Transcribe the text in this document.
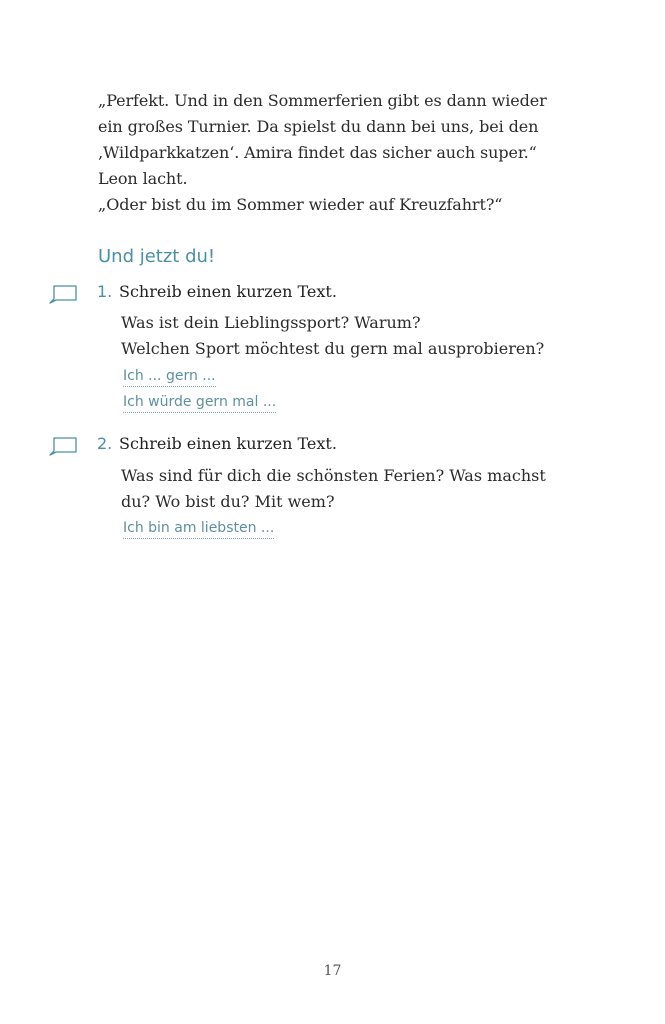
„Perfekt. Und in den Sommerferien gibt es dann wieder

ein großes Turnier. Da spielst du dann bei uns, bei den

‚Wildparkkatzen‘. Amira findet das sicher auch super.“

Leon lacht.

„Oder bist du im Sommer wieder auf Kreuzfahrt?“

Und jetzt du!
1. Schreib einen kurzen Text.

Was ist dein Lieblingssport? Warum?

Welchen Sport möchtest du gern mal ausprobieren?

Ich ... gern ...
Ich würde gern mal ...
2. Schreib einen kurzen Text.

Was sind für dich die schönsten Ferien? Was machst

du? Wo bist du? Mit wem?

Ich bin am liebsten ...
17
